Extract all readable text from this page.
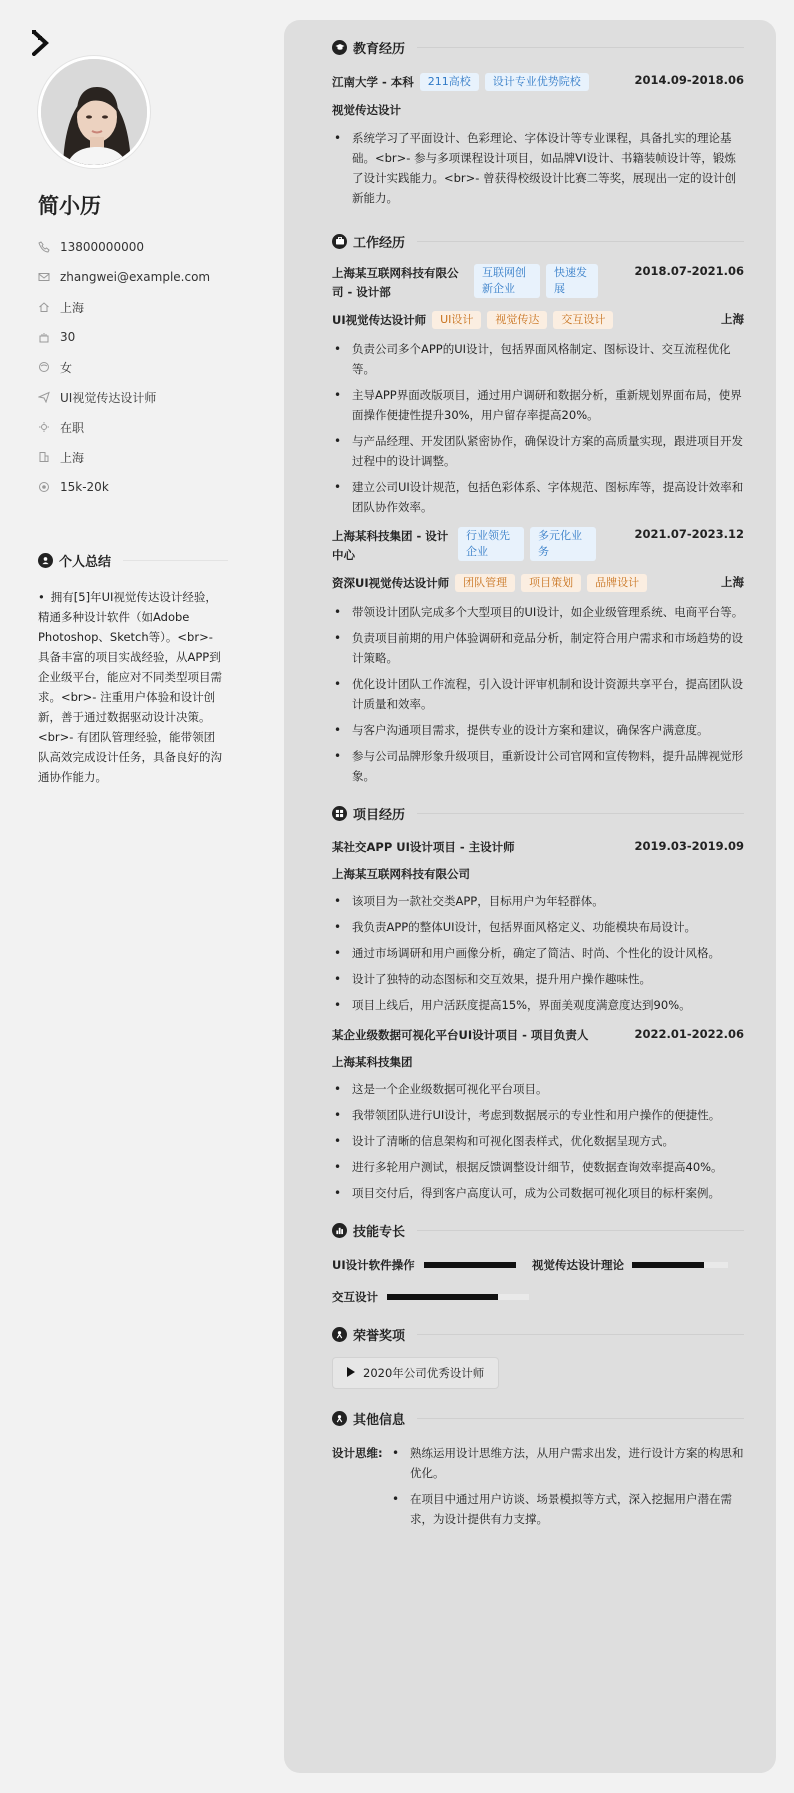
简小历
13800000000
zhangwei@example.com
上海
30
女
UI视觉传达设计师
在职
上海
15k-20k
个人总结
• 拥有[5]年UI视觉传达设计经验，精通多种设计软件（如Adobe Photoshop、Sketch等）。<br>- 具备丰富的项目实战经验，从APP到企业级平台，能应对不同类型项目需求。<br>- 注重用户体验和设计创新，善于通过数据驱动设计决策。<br>- 有团队管理经验，能带领团队高效完成设计任务，具备良好的沟通协作能力。
教育经历
江南大学 - 本科	211高校	设计专业优势院校	2014.09-2018.06
视觉传达设计
• 系统学习了平面设计、色彩理论、字体设计等专业课程，具备扎实的理论基础。<br>- 参与多项课程设计项目，如品牌VI设计、书籍装帧设计等，锻炼了设计实践能力。<br>- 曾获得校级设计比赛二等奖，展现出一定的设计创新能力。
工作经历
上海某互联网科技有限公司 - 设计部
互联网创新企业
快速发展
2018.07-2021.06
UI视觉传达设计师	UI设计	视觉传达	交互设计	上海
• 负责公司多个APP的UI设计，包括界面风格制定、图标设计、交互流程优化等。
• 主导APP界面改版项目，通过用户调研和数据分析，重新规划界面布局，使界面操作便捷性提升30%，用户留存率提高20%。
• 与产品经理、开发团队紧密协作，确保设计方案的高质量实现，跟进项目开发过程中的设计调整。
• 建立公司UI设计规范，包括色彩体系、字体规范、图标库等，提高设计效率和团队协作效率。
上海某科技集团 - 设计中心
行业领先企业
多元化业务
2021.07-2023.12
资深UI视觉传达设计师	团队管理	项目策划	品牌设计	上海
• 带领设计团队完成多个大型项目的UI设计，如企业级管理系统、电商平台等。
• 负责项目前期的用户体验调研和竞品分析，制定符合用户需求和市场趋势的设计策略。
• 优化设计团队工作流程，引入设计评审机制和设计资源共享平台，提高团队设计质量和效率。
• 与客户沟通项目需求，提供专业的设计方案和建议，确保客户满意度。
• 参与公司品牌形象升级项目，重新设计公司官网和宣传物料，提升品牌视觉形象。
项目经历
某社交APP UI设计项目 - 主设计师	2019.03-2019.09
上海某互联网科技有限公司
• 该项目为一款社交类APP，目标用户为年轻群体。
• 我负责APP的整体UI设计，包括界面风格定义、功能模块布局设计。
• 通过市场调研和用户画像分析，确定了简洁、时尚、个性化的设计风格。
• 设计了独特的动态图标和交互效果，提升用户操作趣味性。
• 项目上线后，用户活跃度提高15%，界面美观度满意度达到90%。
某企业级数据可视化平台UI设计项目 - 项目负责人	2022.01-2022.06
上海某科技集团
• 这是一个企业级数据可视化平台项目。
• 我带领团队进行UI设计，考虑到数据展示的专业性和用户操作的便捷性。
• 设计了清晰的信息架构和可视化图表样式，优化数据呈现方式。
• 进行多轮用户测试，根据反馈调整设计细节，使数据查询效率提高40%。
• 项目交付后，得到客户高度认可，成为公司数据可视化项目的标杆案例。
技能专长
UI设计软件操作	视觉传达设计理论
交互设计
荣誉奖项
2020年公司优秀设计师
其他信息
设计思维:
•	熟练运用设计思维方法，从用户需求出发，进行设计方案的构思和优化。
• 在项目中通过用户访谈、场景模拟等方式，深入挖掘用户潜在需求，为设计提供有力支撑。
